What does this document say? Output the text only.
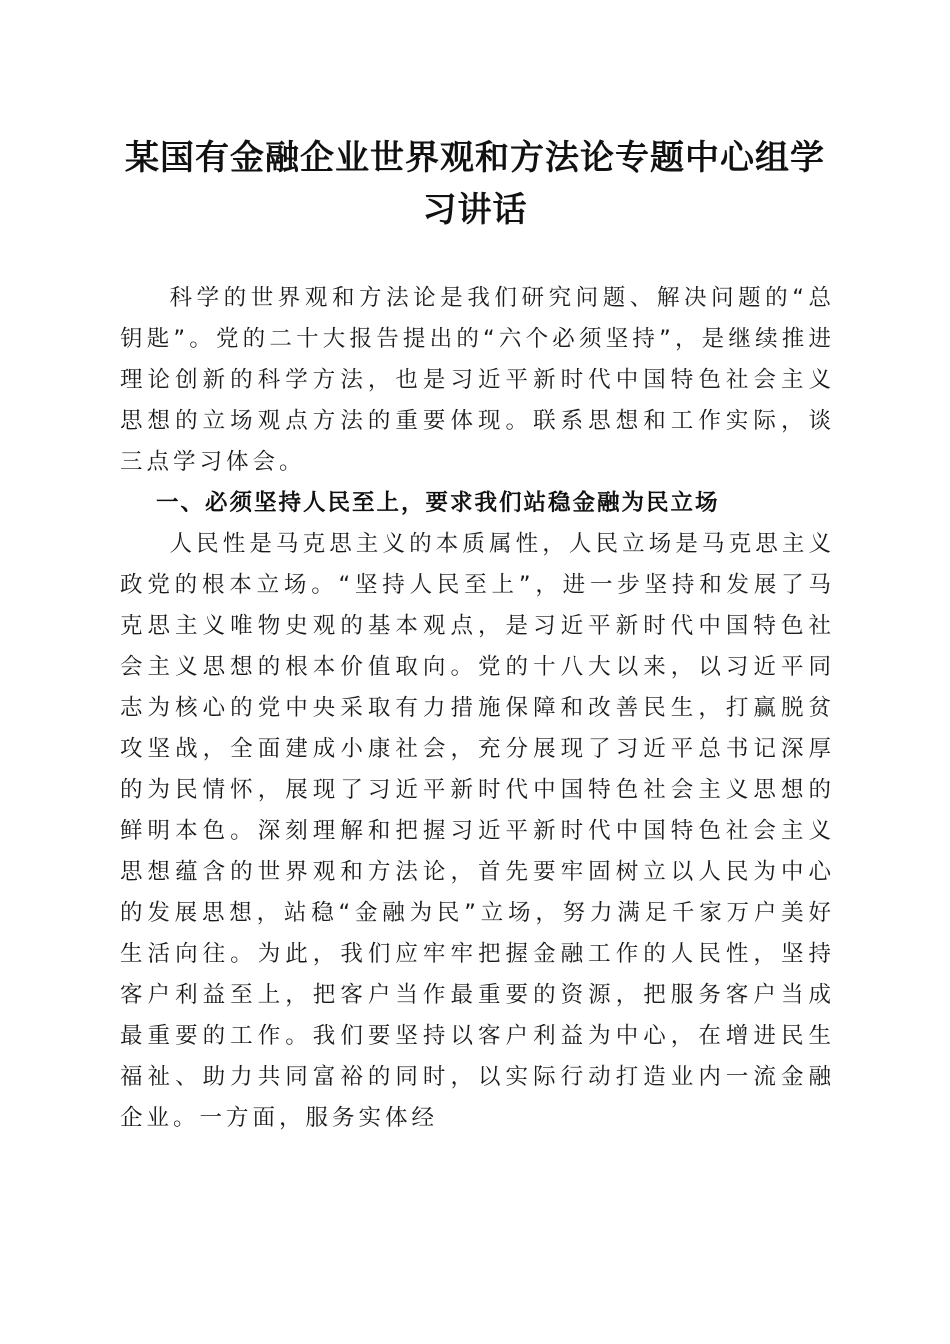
某国有金融企业世界观和方法论专题中心组学习讲话

科学的世界观和方法论是我们研究问题、解决问题的“总钥匙”。党的二十大报告提出的“六个必须坚持”，是继续推进理论创新的科学方法，也是习近平新时代中国特色社会主义思想的立场观点方法的重要体现。联系思想和工作实际，谈三点学习体会。

一、必须坚持人民至上，要求我们站稳金融为民立场

人民性是马克思主义的本质属性，人民立场是马克思主义政党的根本立场。“坚持人民至上”，进一步坚持和发展了马克思主义唯物史观的基本观点，是习近平新时代中国特色社会主义思想的根本价值取向。党的十八大以来，以习近平同志为核心的党中央采取有力措施保障和改善民生，打赢脱贫攻坚战，全面建成小康社会，充分展现了习近平总书记深厚的为民情怀，展现了习近平新时代中国特色社会主义思想的鲜明本色。深刻理解和把握习近平新时代中国特色社会主义思想蕴含的世界观和方法论，首先要牢固树立以人民为中心的发展思想，站稳“金融为民”立场，努力满足千家万户美好生活向往。为此，我们应牢牢把握金融工作的人民性，坚持客户利益至上，把客户当作最重要的资源，把服务客户当成最重要的工作。我们要坚持以客户利益为中心，在增进民生福祉、助力共同富裕的同时，以实际行动打造业内一流金融企业。一方面，服务实体经
